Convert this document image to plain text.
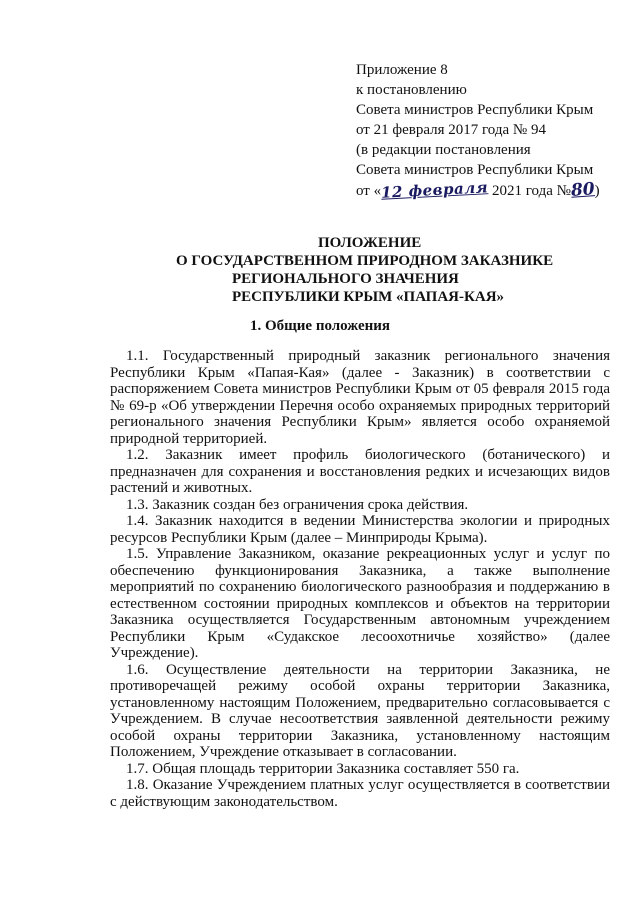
Приложение 8
к постановлению
Совета министров Республики Крым
от 21 февраля 2017 года № 94
(в редакции постановления
Совета министров Республики Крым
от «12 февраля 2021 года №80)
ПОЛОЖЕНИЕ
О ГОСУДАРСТВЕННОМ ПРИРОДНОМ ЗАКАЗНИКЕ
РЕГИОНАЛЬНОГО ЗНАЧЕНИЯ
РЕСПУБЛИКИ КРЫМ «ПАПАЯ-КАЯ»
1. Общие положения

1.1. Государственный природный заказник регионального значения Республики Крым «Папая-Кая» (далее - Заказник) в соответствии с распоряжением Совета министров Республики Крым от 05 февраля 2015 года № 69-р «Об утверждении Перечня особо охраняемых природных территорий регионального значения Республики Крым» является особо охраняемой природной территорией.

1.2. Заказник имеет профиль биологического (ботанического) и предназначен для сохранения и восстановления редких и исчезающих видов растений и животных.

1.3. Заказник создан без ограничения срока действия.

1.4. Заказник находится в ведении Министерства экологии и природных ресурсов Республики Крым (далее – Минприроды Крыма).

1.5. Управление Заказником, оказание рекреационных услуг и услуг по обеспечению функционирования Заказника, а также выполнение мероприятий по сохранению биологического разнообразия и поддержанию в естественном состоянии природных комплексов и объектов на территории Заказника осуществляется Государственным автономным учреждением Республики Крым «Судакское лесоохотничье хозяйство» (далее Учреждение).

1.6. Осуществление деятельности на территории Заказника, не противоречащей режиму особой охраны территории Заказника, установленному настоящим Положением, предварительно согласовывается с Учреждением. В случае несоответствия заявленной деятельности режиму особой охраны территории Заказника, установленному настоящим Положением, Учреждение отказывает в согласовании.

1.7. Общая площадь территории Заказника составляет 550 га.

1.8. Оказание Учреждением платных услуг осуществляется в соответствии с действующим законодательством.
